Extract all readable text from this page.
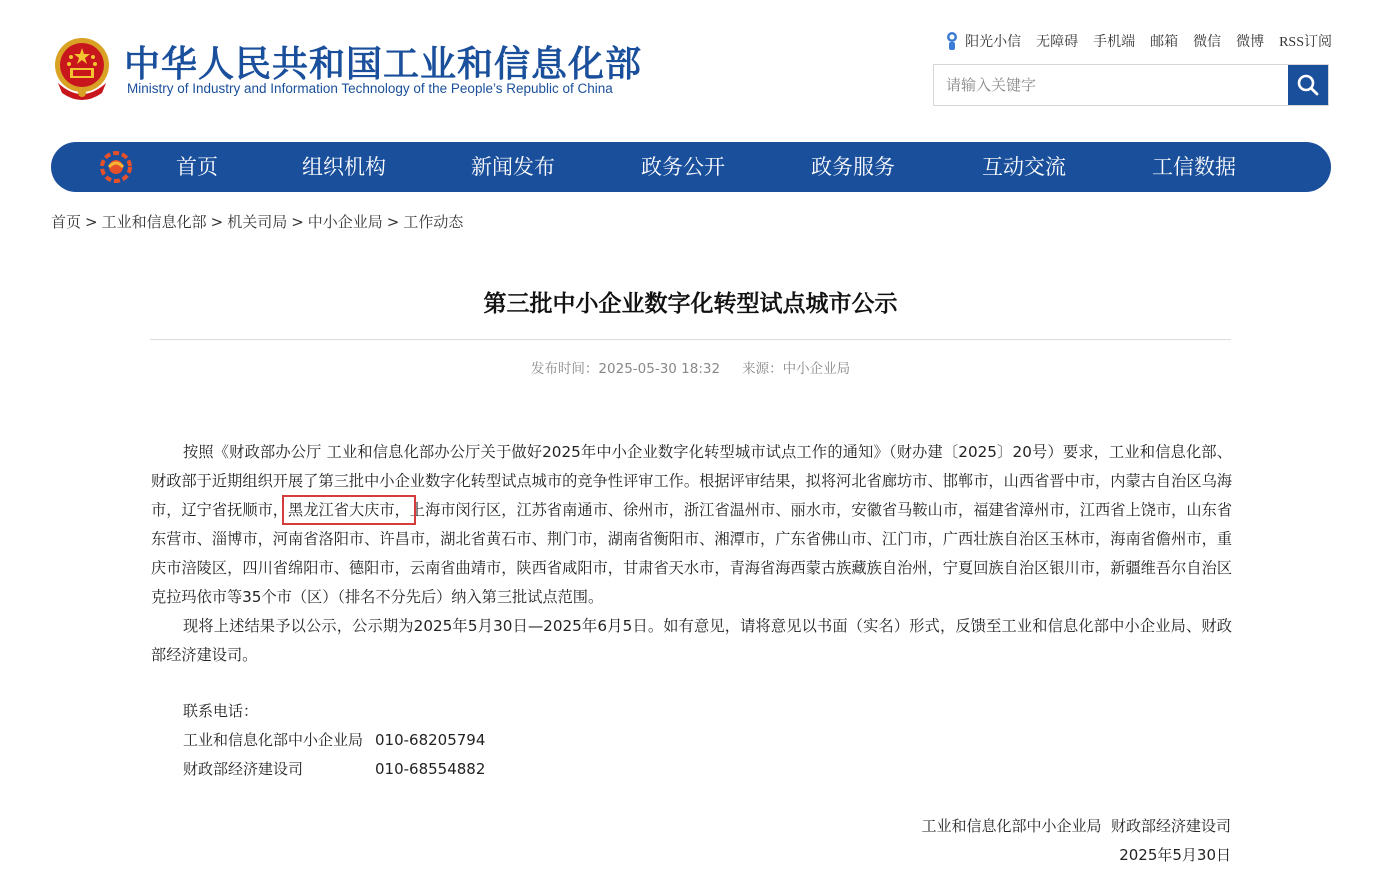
中华人民共和国工业和信息化部
Ministry of Industry and Information Technology of the People’s Republic of China
阳光小信 无障碍 手机端 邮箱 微信 微博 RSS订阅
请输入关键字
首页	组织机构	新闻发布	政务公开	政务服务	互动交流	工信数据
首页 > 工业和信息化部 > 机关司局 > 中小企业局 > 工作动态
第三批中小企业数字化转型试点城市公示
发布时间：2025-05-30 18:32 来源：中小企业局

按照《财政部办公厅 工业和信息化部办公厅关于做好2025年中小企业数字化转型城市试点工作的通知》（财办建〔2025〕20号）要求，工业和信息化部、财政部于近期组织开展了第三批中小企业数字化转型试点城市的竞争性评审工作。根据评审结果，拟将河北省廊坊市、邯郸市，山西省晋中市，内蒙古自治区乌海市，辽宁省抚顺市，黑龙江省大庆市，上海市闵行区，江苏省南通市、徐州市，浙江省温州市、丽水市，安徽省马鞍山市，福建省漳州市，江西省上饶市，山东省东营市、淄博市，河南省洛阳市、许昌市，湖北省黄石市、荆门市，湖南省衡阳市、湘潭市，广东省佛山市、江门市，广西壮族自治区玉林市，海南省儋州市，重庆市涪陵区，四川省绵阳市、德阳市，云南省曲靖市，陕西省咸阳市，甘肃省天水市，青海省海西蒙古族藏族自治州，宁夏回族自治区银川市，新疆维吾尔自治区克拉玛依市等35个市（区）（排名不分先后）纳入第三批试点范围。

现将上述结果予以公示，公示期为2025年5月30日—2025年6月5日。如有意见，请将意见以书面（实名）形式，反馈至工业和信息化部中小企业局、财政部经济建设司。

联系电话：
工业和信息化部中小企业局 010-68205794
财政部经济建设司	010-68554882
工业和信息化部中小企业局  财政部经济建设司
2025年5月30日
